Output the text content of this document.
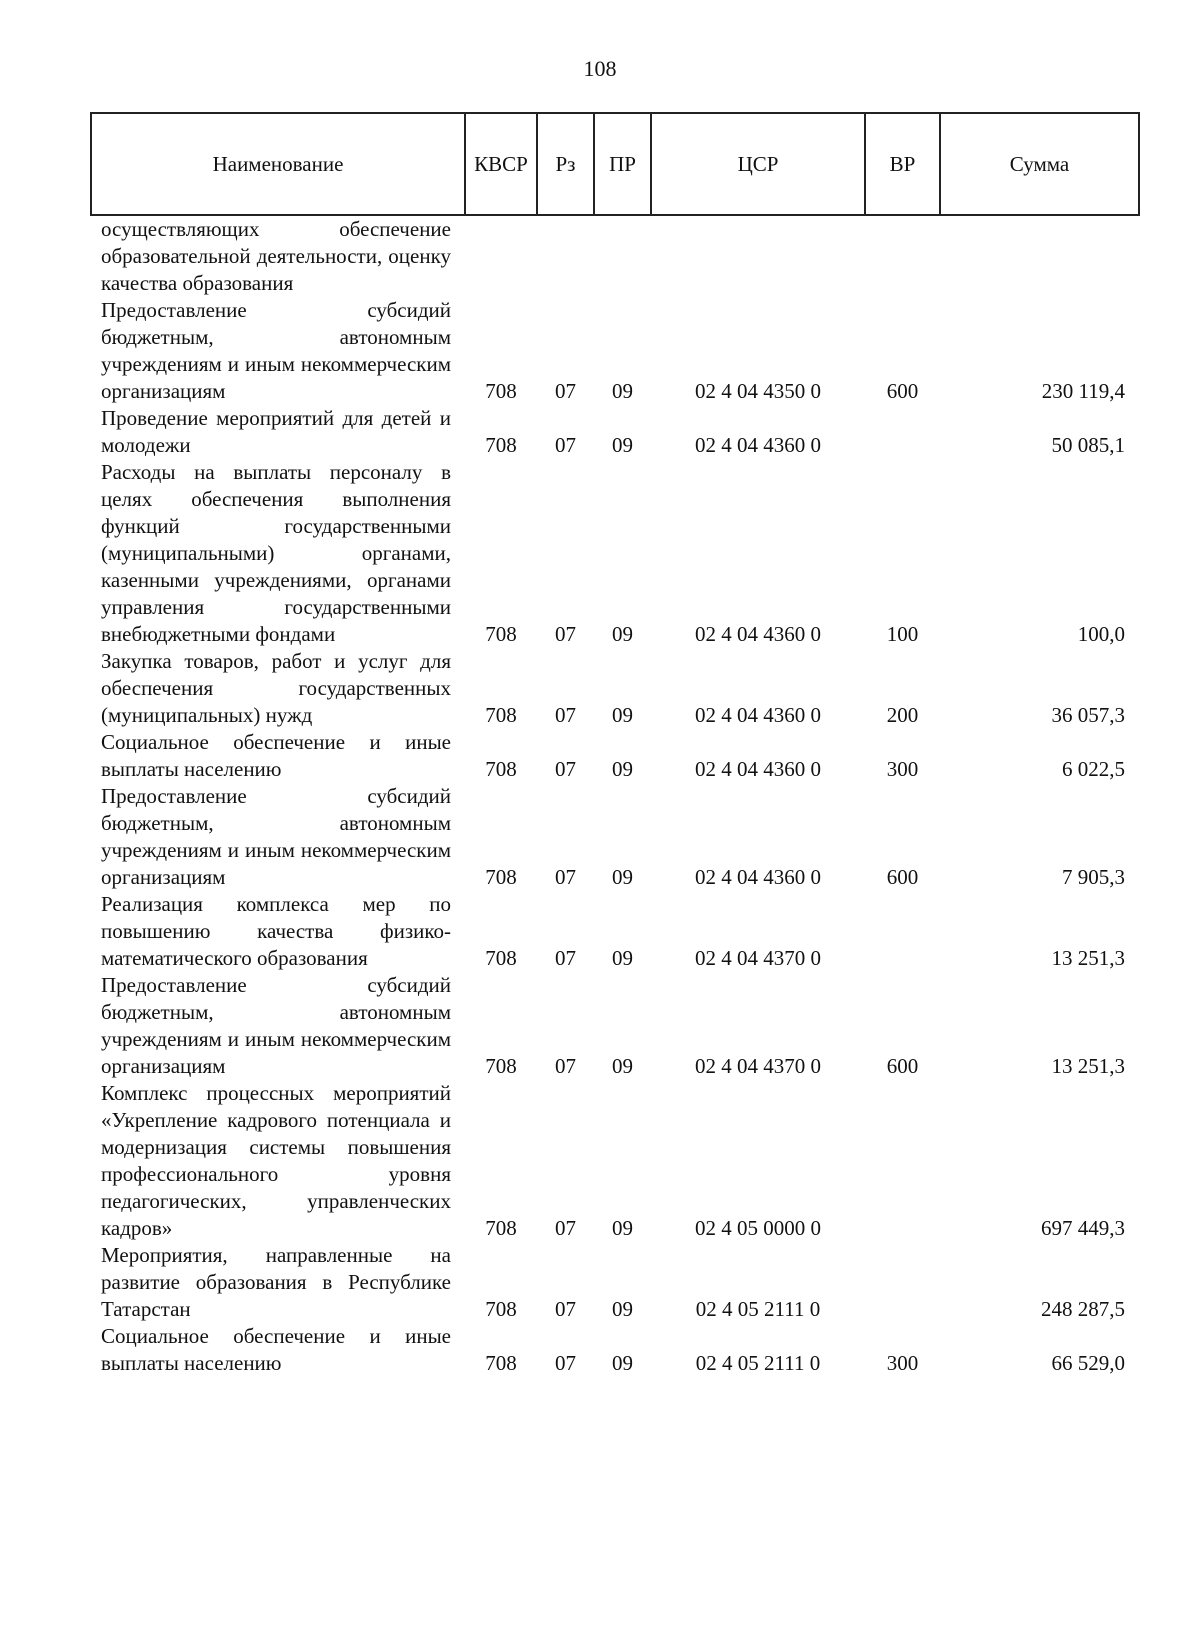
108
Наименование	КВСР	Рз	ПР	ЦСР	ВР	Сумма

осуществляющих обеспечение образовательной деятельности, оценку качества образования						

Предоставление субсидий бюджетным, автономным учреждениям и иным некоммерческим организациям	708	07	09	02 4 04 4350 0	600	230 119,4

Проведение мероприятий для детей и молодежи	708	07	09	02 4 04 4360 0		50 085,1

Расходы на выплаты персоналу в целях обеспечения выполнения функций государственными (муниципальными) органами, казенными учреждениями, органами управления государственными внебюджетными фондами	708	07	09	02 4 04 4360 0	100	100,0

Закупка товаров, работ и услуг для обеспечения государственных (муниципальных) нужд	708	07	09	02 4 04 4360 0	200	36 057,3

Социальное обеспечение и иные выплаты населению	708	07	09	02 4 04 4360 0	300	6 022,5

Предоставление субсидий бюджетным, автономным учреждениям и иным некоммерческим организациям	708	07	09	02 4 04 4360 0	600	7 905,3

Реализация комплекса мер по повышению качества физико-математического образования	708	07	09	02 4 04 4370 0		13 251,3

Предоставление субсидий бюджетным, автономным учреждениям и иным некоммерческим организациям	708	07	09	02 4 04 4370 0	600	13 251,3

Комплекс процессных мероприятий «Укрепление кадрового потенциала и модернизация системы повышения профессионального уровня педагогических, управленческих кадров»	708	07	09	02 4 05 0000 0		697 449,3

Мероприятия, направленные на развитие образования в Республике Татарстан	708	07	09	02 4 05 2111 0		248 287,5

Социальное обеспечение и иные выплаты населению	708	07	09	02 4 05 2111 0	300	66 529,0
